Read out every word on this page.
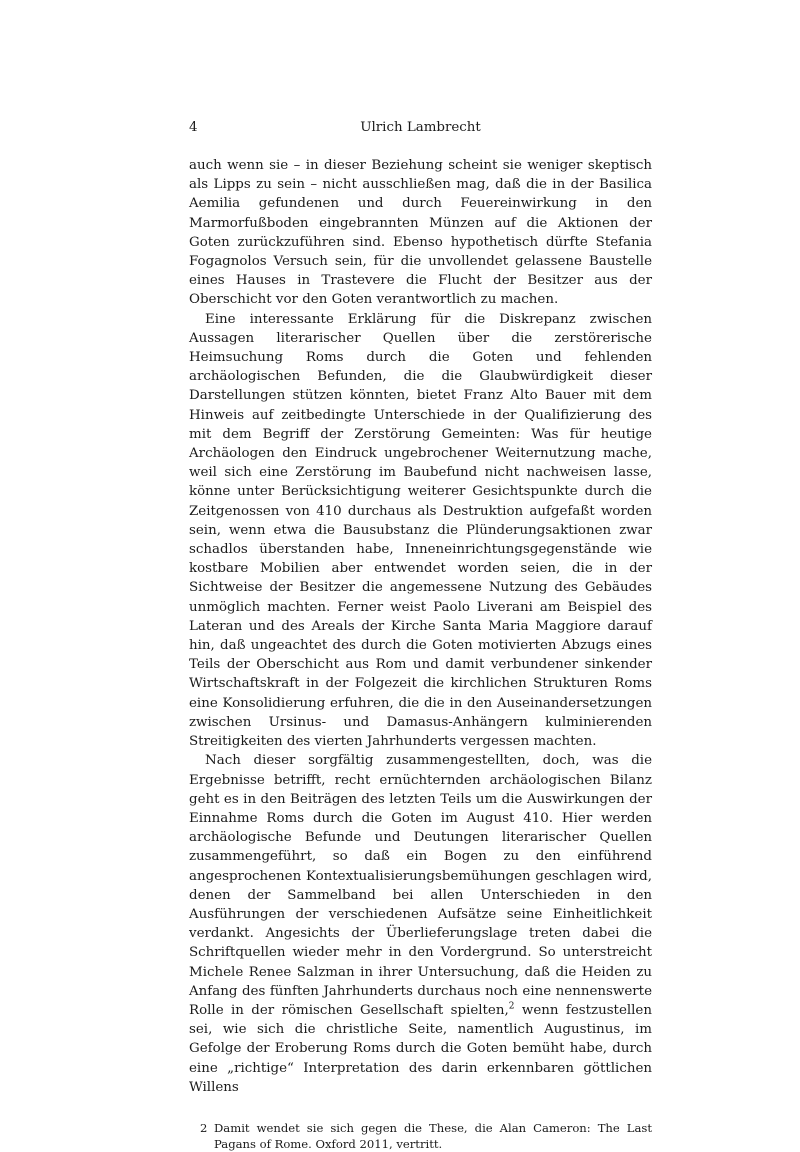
4	Ulrich Lambrecht

auch wenn sie – in dieser Beziehung scheint sie weniger skeptisch als Lipps zu sein – nicht ausschließen mag, daß die in der Basilica Aemilia gefundenen und durch Feuereinwirkung in den Marmorfußboden eingebrannten Münzen auf die Aktionen der Goten zurückzuführen sind. Ebenso hypothetisch dürfte Stefania Fogagnolos Versuch sein, für die unvollendet gelassene Baustelle eines Hauses in Trastevere die Flucht der Besitzer aus der Oberschicht vor den Goten verantwortlich zu machen.

Eine interessante Erklärung für die Diskrepanz zwischen Aussagen literarischer Quellen über die zerstörerische Heimsuchung Roms durch die Goten und fehlenden archäologischen Befunden, die die Glaubwürdigkeit dieser Darstellungen stützen könnten, bietet Franz Alto Bauer mit dem Hinweis auf zeitbedingte Unterschiede in der Qualifizierung des mit dem Begriff der Zerstörung Gemeinten: Was für heutige Archäologen den Eindruck ungebrochener Weiternutzung mache, weil sich eine Zerstörung im Baubefund nicht nachweisen lasse, könne unter Berücksichtigung weiterer Gesichtspunkte durch die Zeitgenossen von 410 durchaus als Destruktion aufgefaßt worden sein, wenn etwa die Bausubstanz die Plünderungsaktionen zwar schadlos überstanden habe, Inneneinrichtungsgegenstände wie kostbare Mobilien aber entwendet worden seien, die in der Sichtweise der Besitzer die angemessene Nutzung des Gebäudes unmöglich machten. Ferner weist Paolo Liverani am Beispiel des Lateran und des Areals der Kirche Santa Maria Maggiore darauf hin, daß ungeachtet des durch die Goten motivierten Abzugs eines Teils der Oberschicht aus Rom und damit verbundener sinkender Wirtschaftskraft in der Folgezeit die kirchlichen Strukturen Roms eine Konsolidierung erfuhren, die die in den Auseinandersetzungen zwischen Ursinus- und Damasus-Anhängern kulminierenden Streitigkeiten des vierten Jahrhunderts vergessen machten.

Nach dieser sorgfältig zusammengestellten, doch, was die Ergebnisse betrifft, recht ernüchternden archäologischen Bilanz geht es in den Beiträgen des letzten Teils um die Auswirkungen der Einnahme Roms durch die Goten im August 410. Hier werden archäologische Befunde und Deutungen literarischer Quellen zusammengeführt, so daß ein Bogen zu den einführend angesprochenen Kontextualisierungsbemühungen geschlagen wird, denen der Sammelband bei allen Unterschieden in den Ausführungen der verschiedenen Aufsätze seine Einheitlichkeit verdankt. Angesichts der Überlieferungslage treten dabei die Schriftquellen wieder mehr in den Vordergrund. So unterstreicht Michele Renee Salzman in ihrer Untersuchung, daß die Heiden zu Anfang des fünften Jahrhunderts durchaus noch eine nennenswerte Rolle in der römischen Gesellschaft spielten,$^2$ wenn festzustellen sei, wie sich die christliche Seite, namentlich Augustinus, im Gefolge der Eroberung Roms durch die Goten bemüht habe, durch eine „richtige“ Interpretation des darin erkennbaren göttlichen Willens

2 Damit wendet sie sich gegen die These, die Alan Cameron: The Last Pagans of Rome. Oxford 2011, vertritt.
